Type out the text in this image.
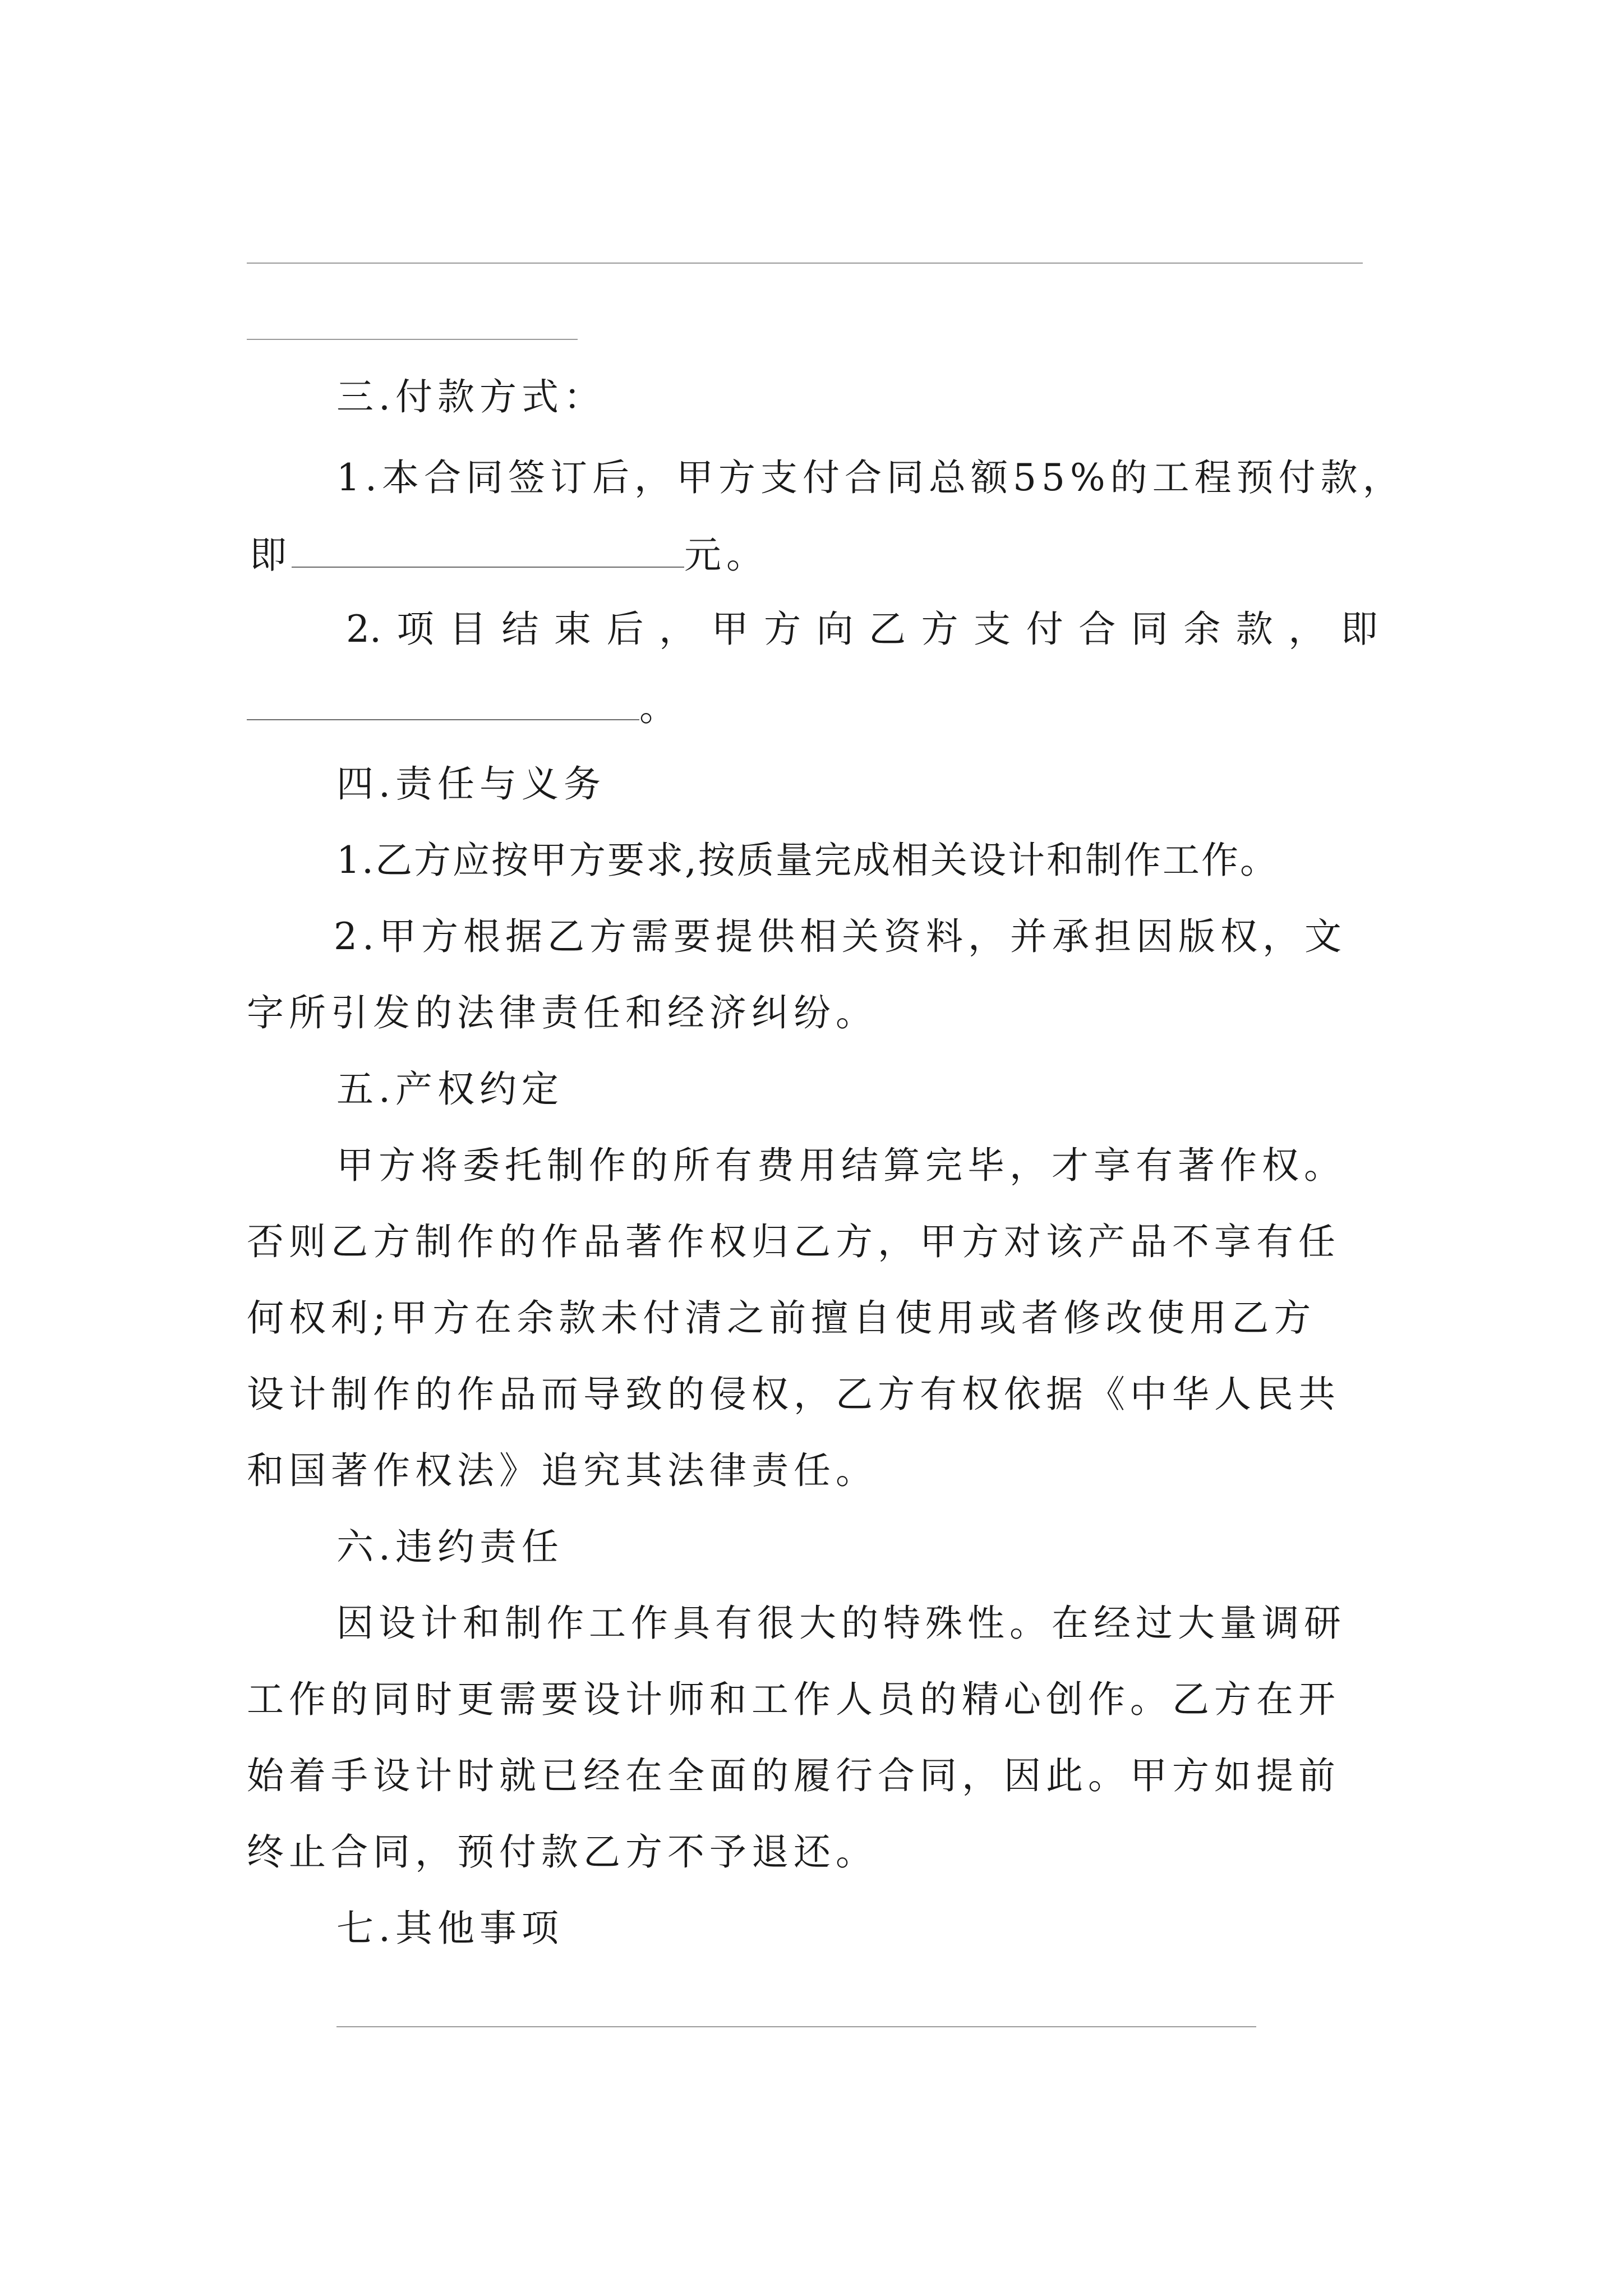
三.付款方式：
1.本合同签订后，甲方支付合同总额55%的工程预付款，
即	元。
2. 项 目 结 束 后 ， 甲 方 向 乙 方 支 付 合 同 余 款 ， 即
。
四.责任与义务
1.乙方应按甲方要求,按质量完成相关设计和制作工作。
2.甲方根据乙方需要提供相关资料，并承担因版权，文
字所引发的法律责任和经济纠纷。
五.产权约定
甲方将委托制作的所有费用结算完毕，才享有著作权。
否则乙方制作的作品著作权归乙方，甲方对该产品不享有任
何权利;甲方在余款未付清之前擅自使用或者修改使用乙方
设计制作的作品而导致的侵权，乙方有权依据《中华人民共
和国著作权法》追究其法律责任。
六.违约责任
因设计和制作工作具有很大的特殊性。在经过大量调研
工作的同时更需要设计师和工作人员的精心创作。乙方在开
始着手设计时就已经在全面的履行合同，因此。甲方如提前
终止合同，预付款乙方不予退还。
七.其他事项
